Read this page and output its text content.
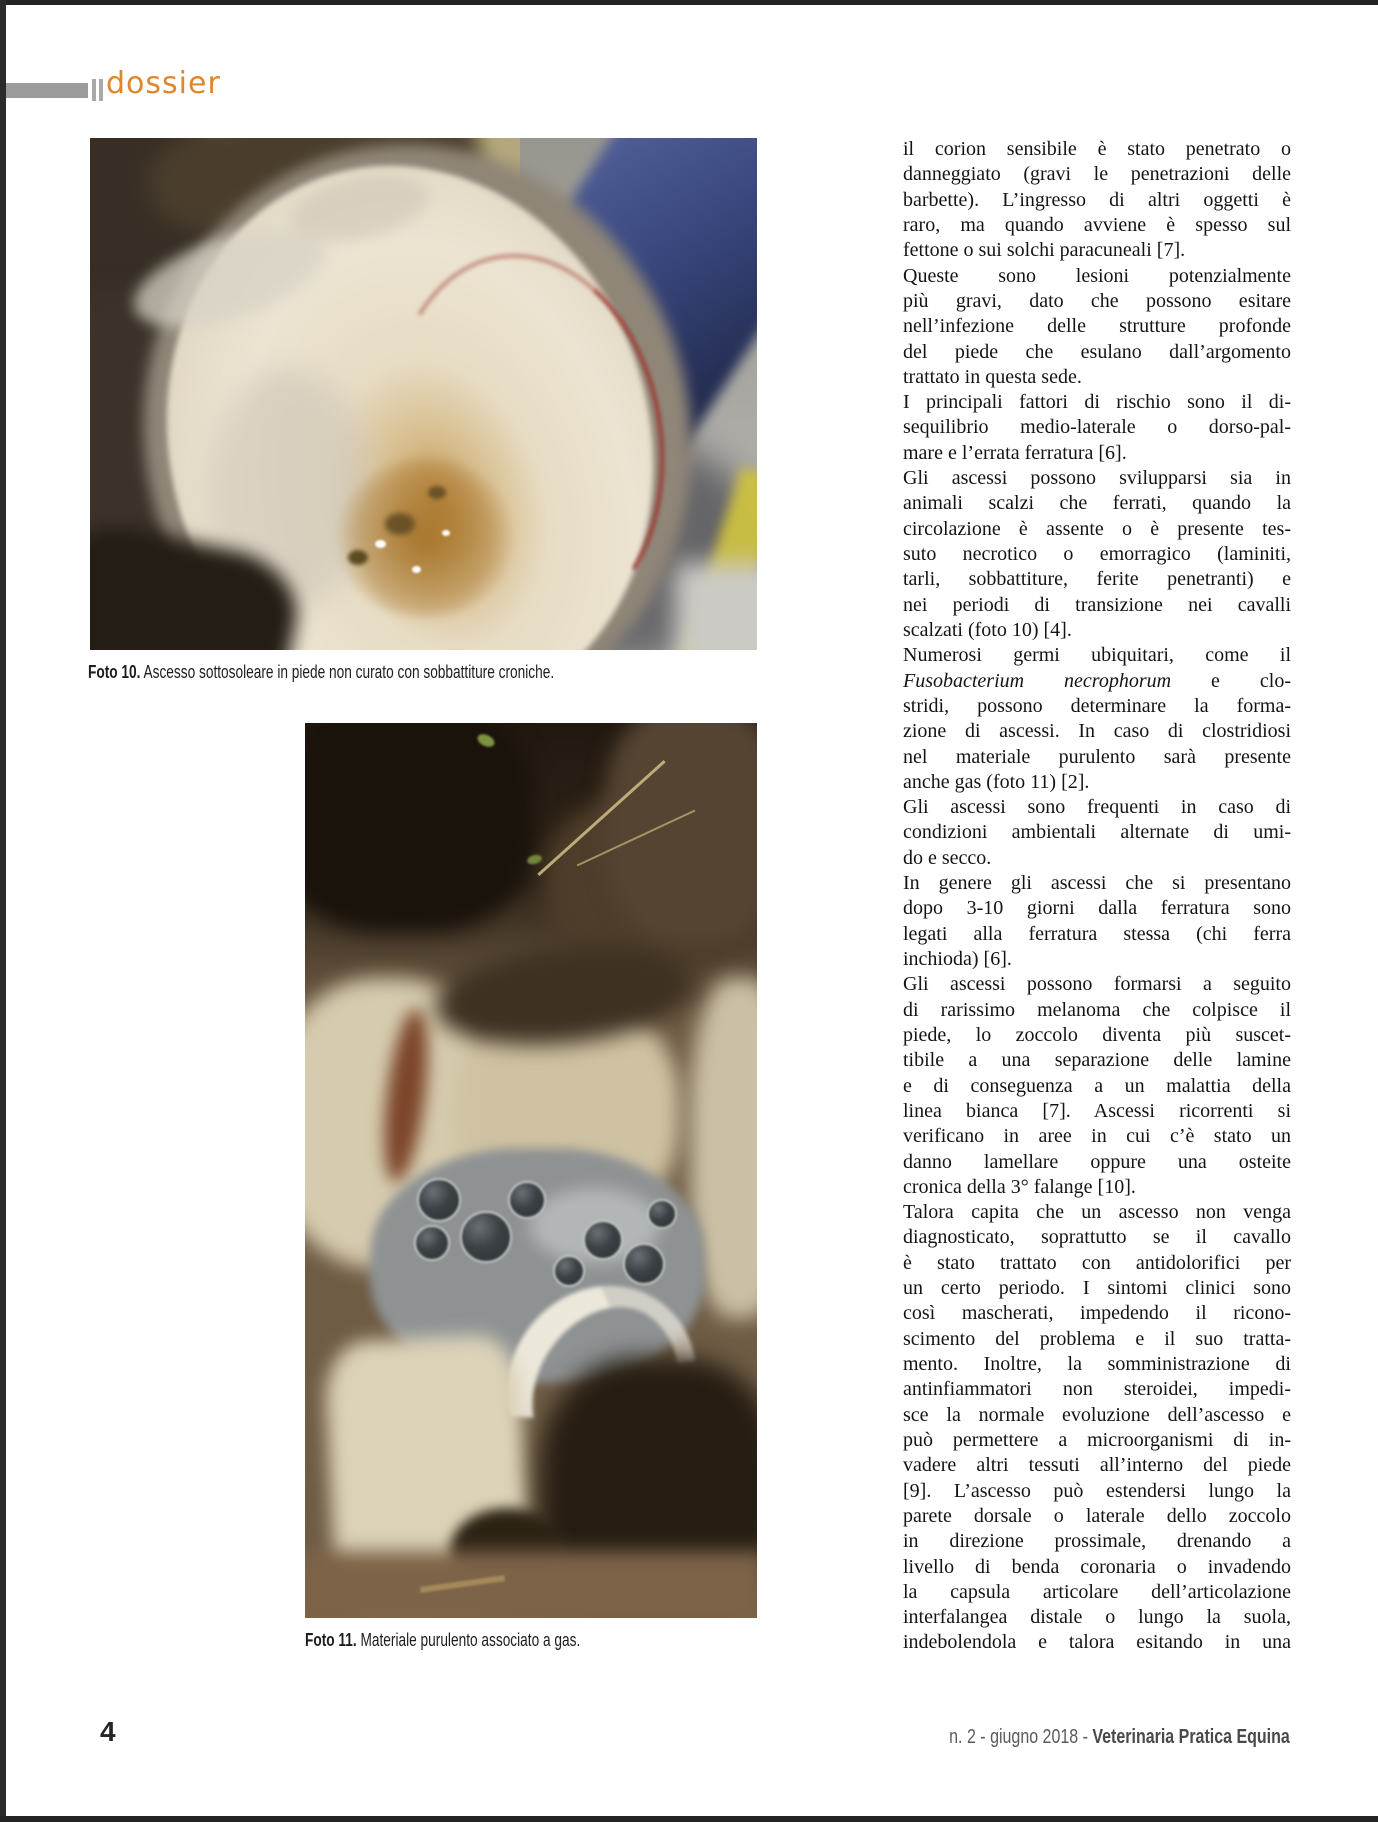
dossier
Foto 10. Ascesso sottosoleare in piede non curato con sobbattiture croniche.
Foto 11. Materiale purulento associato a gas.
il corion sensibile è stato penetrato o
danneggiato (gravi le penetrazioni delle
barbette). L’ingresso di altri oggetti è
raro, ma quando avviene è spesso sul
fettone o sui solchi paracuneali [7].
Queste sono lesioni potenzialmente
più gravi, dato che possono esitare
nell’infezione delle strutture profonde
del piede che esulano dall’argomento
trattato in questa sede.
I principali fattori di rischio sono il di-
sequilibrio medio-laterale o dorso-pal-
mare e l’errata ferratura [6].
Gli ascessi possono svilupparsi sia in
animali scalzi che ferrati, quando la
circolazione è assente o è presente tes-
suto necrotico o emorragico (laminiti,
tarli, sobbattiture, ferite penetranti) e
nei periodi di transizione nei cavalli
scalzati (foto 10) [4].
Numerosi germi ubiquitari, come il
Fusobacterium necrophorum e clo-
stridi, possono determinare la forma-
zione di ascessi. In caso di clostridiosi
nel materiale purulento sarà presente
anche gas (foto 11) [2].
Gli ascessi sono frequenti in caso di
condizioni ambientali alternate di umi-
do e secco.
In genere gli ascessi che si presentano
dopo 3-10 giorni dalla ferratura sono
legati alla ferratura stessa (chi ferra
inchioda) [6].
Gli ascessi possono formarsi a seguito
di rarissimo melanoma che colpisce il
piede, lo zoccolo diventa più suscet-
tibile a una separazione delle lamine
e di conseguenza a un malattia della
linea bianca [7]. Ascessi ricorrenti si
verificano in aree in cui c’è stato un
danno lamellare oppure una osteite
cronica della 3° falange [10].
Talora capita che un ascesso non venga
diagnosticato, soprattutto se il cavallo
è stato trattato con antidolorifici per
un certo periodo. I sintomi clinici sono
così mascherati, impedendo il ricono-
scimento del problema e il suo tratta-
mento. Inoltre, la somministrazione di
antinfiammatori non steroidei, impedi-
sce la normale evoluzione dell’ascesso e
può permettere a microorganismi di in-
vadere altri tessuti all’interno del piede
[9]. L’ascesso può estendersi lungo la
parete dorsale o laterale dello zoccolo
in direzione prossimale, drenando a
livello di benda coronaria o invadendo
la capsula articolare dell’articolazione
interfalangea distale o lungo la suola,
indebolendola e talora esitando in una
4	n. 2 - giugno 2018 - Veterinaria Pratica Equina
